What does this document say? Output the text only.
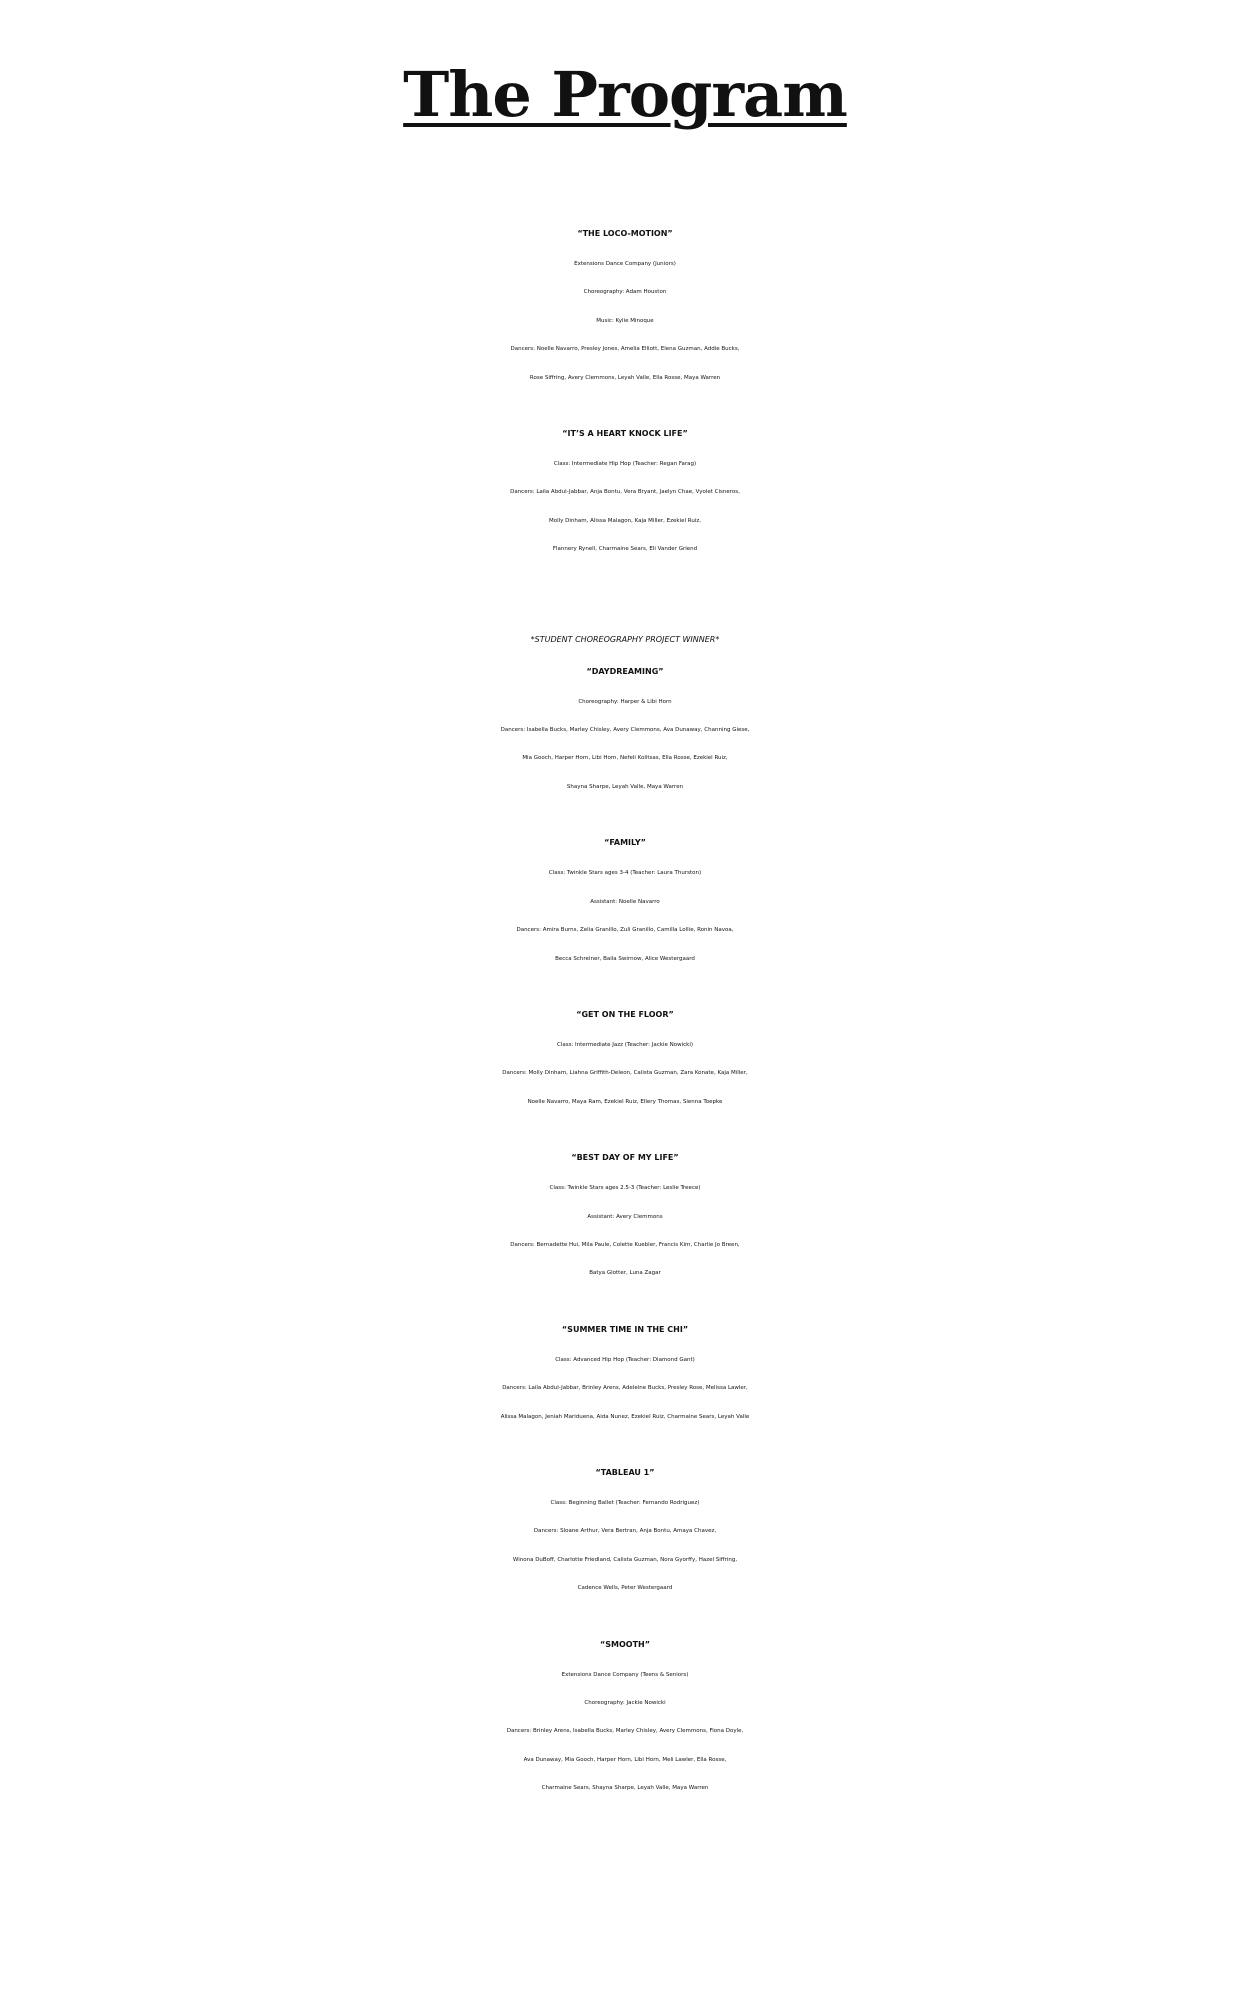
The Program
“THE LOCO-MOTION”
Extensions Dance Company (Juniors)
Choreography: Adam Houston
Music: Kylie Minoque
Dancers: Noelle Navarro, Presley Jones, Amelia Elliott, Elena Guzman, Addie Bucks,
Rose Siffring, Avery Clemmons, Leyah Valle, Ella Rosse, Maya Warren
“IT’S A HEART KNOCK LIFE”
Class: Intermediate Hip Hop (Teacher: Regan Farag)
Dancers: Laila Abdul-Jabbar, Anja Bontu, Vera Bryant, Jaelyn Chae, Vyolet Cisneros,
Molly Dinham, Alissa Malagon, Kaja Miller, Ezekiel Ruiz,
Flannery Rynell, Charmaine Sears, Eli Vander Griend
*STUDENT CHOREOGRAPHY PROJECT WINNER*
“DAYDREAMING”
Choreography: Harper & Libi Horn
Dancers: Isabella Bucks, Marley Chisley, Avery Clemmons, Ava Dunaway, Channing Giese,
Mia Gooch, Harper Horn, Libi Horn, Nefeli Kolitsas, Ella Rosse, Ezekiel Ruiz,
Shayna Sharpe, Leyah Valle, Maya Warren
“FAMILY”
Class: Twinkle Stars ages 3-4 (Teacher: Laura Thurston)
Assistant: Noelle Navarro
Dancers: Amira Burns, Zelia Granillo, Zuli Granillo, Camilla Lollie, Ronin Navoa,
Becca Schreiner, Baila Swirnow, Alice Westergaard
“GET ON THE FLOOR”
Class: Intermediate Jazz (Teacher: Jackie Nowicki)
Dancers: Molly Dinham, Liahna Griffith-Deleon, Calista Guzman, Zara Konate, Kaja Miller,
Noelle Navarro, Maya Ram, Ezekiel Ruiz, Ellery Thomas, Sienna Toepke
“BEST DAY OF MY LIFE”
Class: Twinkle Stars ages 2.5-3 (Teacher: Leslie Treece)
Assistant: Avery Clemmons
Dancers: Bernadette Hui, Mila Paule, Colette Kuebler, Francis Kim, Charlie Jo Breen,
Batya Glotter, Luna Zagar
“SUMMER TIME IN THE CHI”
Class: Advanced Hip Hop (Teacher: Diamond Gant)
Dancers: Laila Abdul-Jabbar, Brinley Arens, Adeleine Bucks, Presley Rose, Melissa Lawler,
Alissa Malagon, Jeniah Mariduena, Aida Nunez, Ezekiel Ruiz, Charmaine Sears, Leyah Valle
“TABLEAU 1”
Class: Beginning Ballet (Teacher: Fernando Rodriguez)
Dancers: Sloane Arthur, Vera Bertran, Anja Bontu, Amaya Chavez,
Winona DuBoff, Charlotte Friedland, Calista Guzman, Nora Gyorffy, Hazel Siffring,
Cadence Wells, Peter Westergaard
“SMOOTH”
Extensions Dance Company (Teens & Seniors)
Choreography: Jackie Nowicki
Dancers: Brinley Arens, Isabella Bucks, Marley Chisley, Avery Clemmons, Fiona Doyle,
Ava Dunaway, Mia Gooch, Harper Horn, Libi Horn, Meli Lawler, Ella Rosse,
Charmaine Sears, Shayna Sharpe, Leyah Valle, Maya Warren
